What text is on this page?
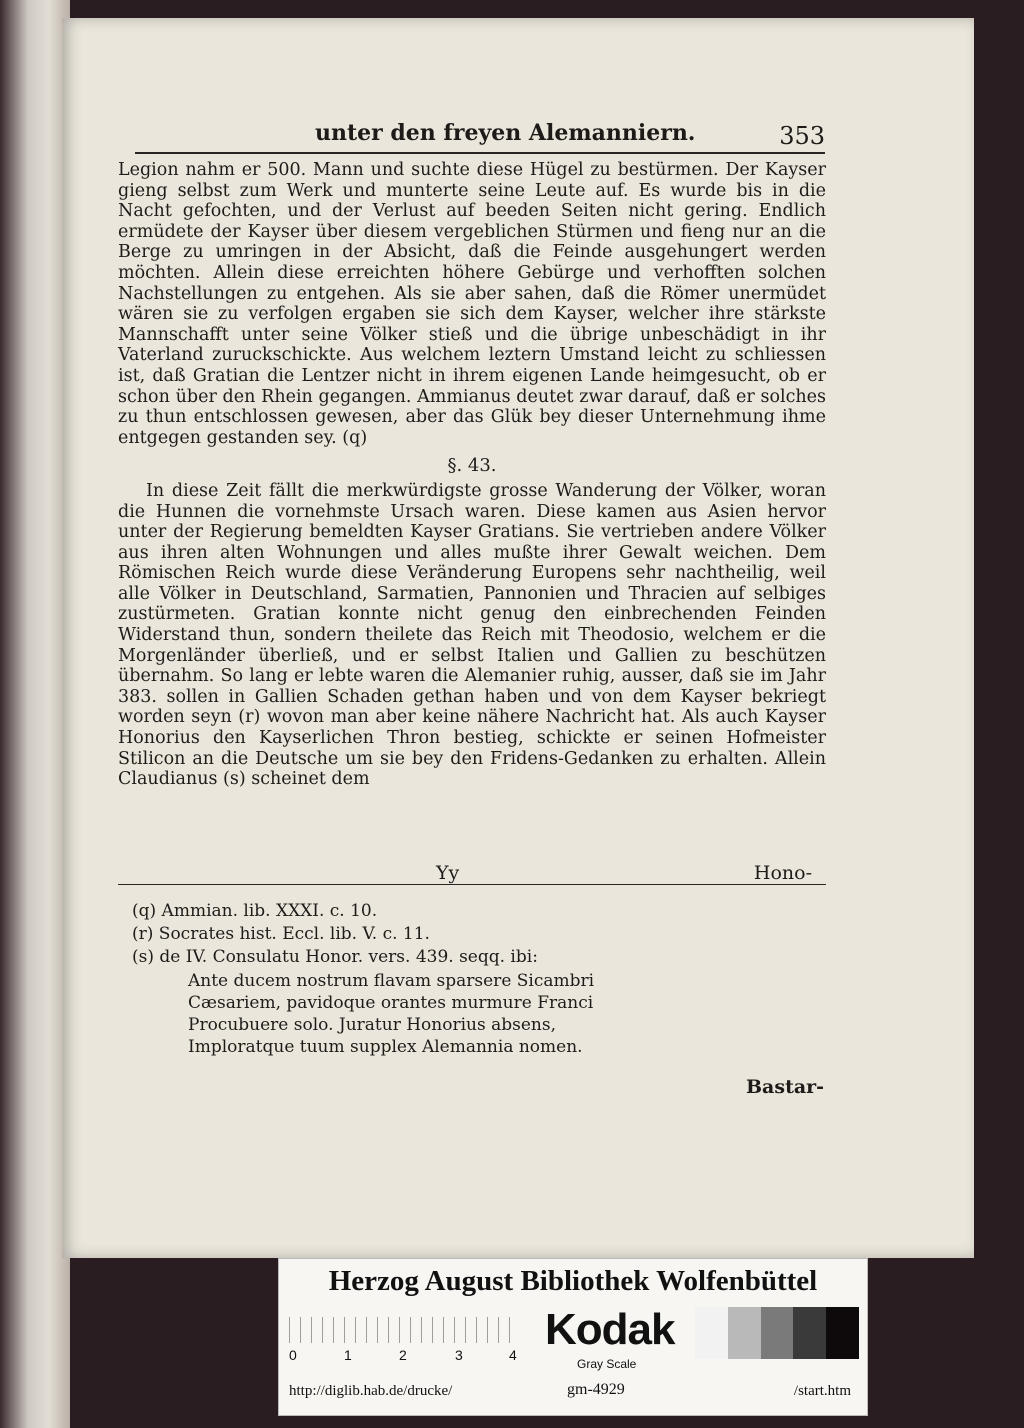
unter den freyen Alemanniern.	353

Legion nahm er 500. Mann und suchte diese Hügel zu bestürmen. Der Kayser gieng selbst zum Werk und munterte seine Leute auf. Es wurde bis in die Nacht gefochten, und der Verlust auf beeden Seiten nicht gering. Endlich ermüdete der Kayser über diesem vergeblichen Stürmen und fieng nur an die Berge zu umringen in der Absicht, daß die Feinde ausgehungert werden möchten. Allein diese erreichten höhere Gebürge und verhofften solchen Nachstellungen zu entgehen. Als sie aber sahen, daß die Römer unermüdet wären sie zu verfolgen ergaben sie sich dem Kayser, welcher ihre stärkste Mannschafft unter seine Völker stieß und die übrige unbeschädigt in ihr Vaterland zuruckschickte. Aus welchem leztern Umstand leicht zu schliessen ist, daß Gratian die Lentzer nicht in ihrem eigenen Lande heimgesucht, ob er schon über den Rhein gegangen. Ammianus deutet zwar darauf, daß er solches zu thun entschlossen gewesen, aber das Glük bey dieser Unternehmung ihme entgegen gestanden sey. (q)

§. 43.

In diese Zeit fällt die merkwürdigste grosse Wanderung der Völker, woran die Hunnen die vornehmste Ursach waren. Diese kamen aus Asien hervor unter der Regierung bemeldten Kayser Gratians. Sie vertrieben andere Völker aus ihren alten Wohnungen und alles mußte ihrer Gewalt weichen. Dem Römischen Reich wurde diese Veränderung Europens sehr nachtheilig, weil alle Völker in Deutschland, Sarmatien, Pannonien und Thracien auf selbiges zustürmeten. Gratian konnte nicht genug den einbrechenden Feinden Widerstand thun, sondern theilete das Reich mit Theodosio, welchem er die Morgenländer überließ, und er selbst Italien und Gallien zu beschützen übernahm. So lang er lebte waren die Alemanier ruhig, ausser, daß sie im Jahr 383. sollen in Gallien Schaden gethan haben und von dem Kayser bekriegt worden seyn (r) wovon man aber keine nähere Nachricht hat. Als auch Kayser Honorius den Kayserlichen Thron bestieg, schickte er seinen Hofmeister Stilicon an die Deutsche um sie bey den Fridens-Gedanken zu erhalten. Allein Claudianus (s) scheinet dem

Yy	Hono-
(q) Ammian. lib. XXXI. c. 10.
(r) Socrates hist. Eccl. lib. V. c. 11.
(s) de IV. Consulatu Honor. vers. 439. seqq. ibi:
Ante ducem nostrum flavam sparsere Sicambri
Cæsariem, pavidoque orantes murmure Franci
Procubuere solo. Juratur Honorius absens,
Imploratque tuum supplex Alemannia nomen.
Bastar-
Herzog August Bibliothek Wolfenbüttel
0	1	2	3	4
Kodak
Gray Scale
http://diglib.hab.de/drucke/	gm-4929	/start.htm
